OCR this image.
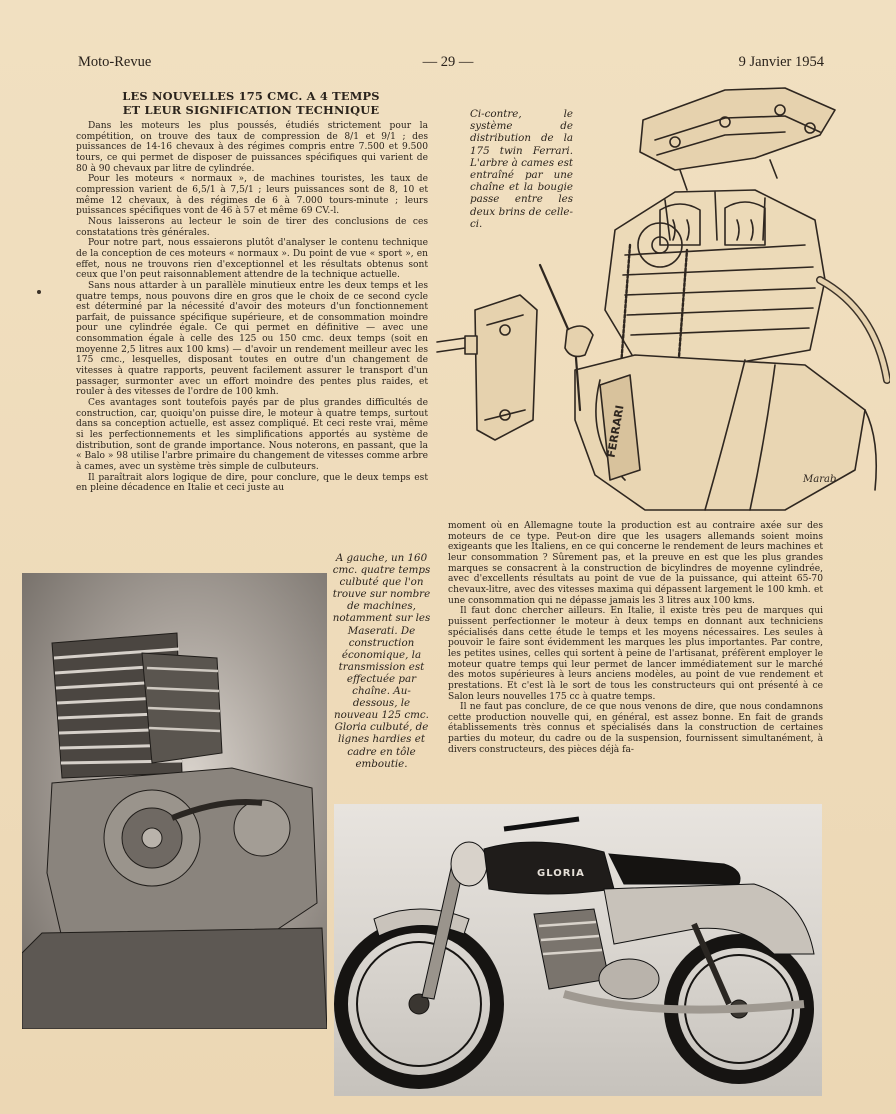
Moto-Revue	— 29 —	9 Janvier 1954
LES NOUVELLES 175 CMC. A 4 TEMPS
ET LEUR SIGNIFICATION TECHNIQUE

Dans les moteurs les plus poussés, étudiés strictement pour la compétition, on trouve des taux de compression de 8/1 et 9/1 ; des puissances de 14-16 chevaux à des régimes compris entre 7.500 et 9.500 tours, ce qui permet de disposer de puissances spécifiques qui varient de 80 à 90 chevaux par litre de cylindrée.

Pour les moteurs « normaux », de machines touristes, les taux de compression varient de 6,5/1 à 7,5/1 ; leurs puissances sont de 8, 10 et même 12 chevaux, à des régimes de 6 à 7.000 tours-minute ; leurs puissances spécifiques vont de 46 à 57 et même 69 CV.-l.

Nous laisserons au lecteur le soin de tirer des conclusions de ces constatations très générales.

Pour notre part, nous essaierons plutôt d'analyser le contenu technique de la conception de ces moteurs « normaux ». Du point de vue « sport », en effet, nous ne trouvons rien d'exceptionnel et les résultats obtenus sont ceux que l'on peut raisonnablement attendre de la technique actuelle.

Sans nous attarder à un parallèle minutieux entre les deux temps et les quatre temps, nous pouvons dire en gros que le choix de ce second cycle est déterminé par la nécessité d'avoir des moteurs d'un fonctionnement parfait, de puissance spécifique supérieure, et de consommation moindre pour une cylindrée égale. Ce qui permet en définitive — avec une consommation égale à celle des 125 ou 150 cmc. deux temps (soit en moyenne 2,5 litres aux 100 kms) — d'avoir un rendement meilleur avec les 175 cmc., lesquelles, disposant toutes en outre d'un changement de vitesses à quatre rapports, peuvent facilement assurer le transport d'un passager, surmonter avec un effort moindre des pentes plus raides, et rouler à des vitesses de l'ordre de 100 kmh.

Ces avantages sont toutefois payés par de plus grandes difficultés de construction, car, quoiqu'on puisse dire, le moteur à quatre temps, surtout dans sa conception actuelle, est assez compliqué. Et ceci reste vrai, même si les perfectionnements et les simplifications apportés au système de distribution, sont de grande importance. Nous noterons, en passant, que la « Balo » 98 utilise l'arbre primaire du changement de vitesses comme arbre à cames, avec un système très simple de culbuteurs.

Il paraîtrait alors logique de dire, pour conclure, que le deux temps est en pleine décadence en Italie et ceci juste au

FERRARI
Marab
Ci-contre, le système de distribution de la 175 twin Ferrari. L'arbre à cames est entraîné par une chaîne et la bougie passe entre les deux brins de celle-ci.

moment où en Allemagne toute la production est au contraire axée sur des moteurs de ce type. Peut-on dire que les usagers allemands soient moins exigeants que les Italiens, en ce qui concerne le rendement de leurs machines et leur consommation ? Sûrement pas, et la preuve en est que les plus grandes marques se consacrent à la construction de bicylindres de moyenne cylindrée, avec d'excellents résultats au point de vue de la puissance, qui atteint 65-70 chevaux-litre, avec des vitesses maxima qui dépassent largement le 100 kmh. et une consommation qui ne dépasse jamais les 3 litres aux 100 kms.

Il faut donc chercher ailleurs. En Italie, il existe très peu de marques qui puissent perfectionner le moteur à deux temps en donnant aux techniciens spécialisés dans cette étude le temps et les moyens nécessaires. Les seules à pouvoir le faire sont évidemment les marques les plus importantes. Par contre, les petites usines, celles qui sortent à peine de l'artisanat, préfèrent employer le moteur quatre temps qui leur permet de lancer immédiatement sur le marché des motos supérieures à leurs anciens modèles, au point de vue rendement et prestations. Et c'est là le sort de tous les constructeurs qui ont présenté à ce Salon leurs nouvelles 175 cc à quatre temps.

Il ne faut pas conclure, de ce que nous venons de dire, que nous condamnons cette production nouvelle qui, en général, est assez bonne. En fait de grands établissements très connus et spécialisés dans la construction de certaines parties du moteur, du cadre ou de la suspension, fournissent simultanément, à divers constructeurs, des pièces déjà fa-

A gauche, un 160 cmc. quatre temps culbuté que l'on trouve sur nombre de machines, notamment sur les Maserati. De construction économique, la transmission est effectuée par chaîne. Au-dessous, le nouveau 125 cmc. Gloria culbuté, de lignes hardies et cadre en tôle emboutie.
GLORIA
